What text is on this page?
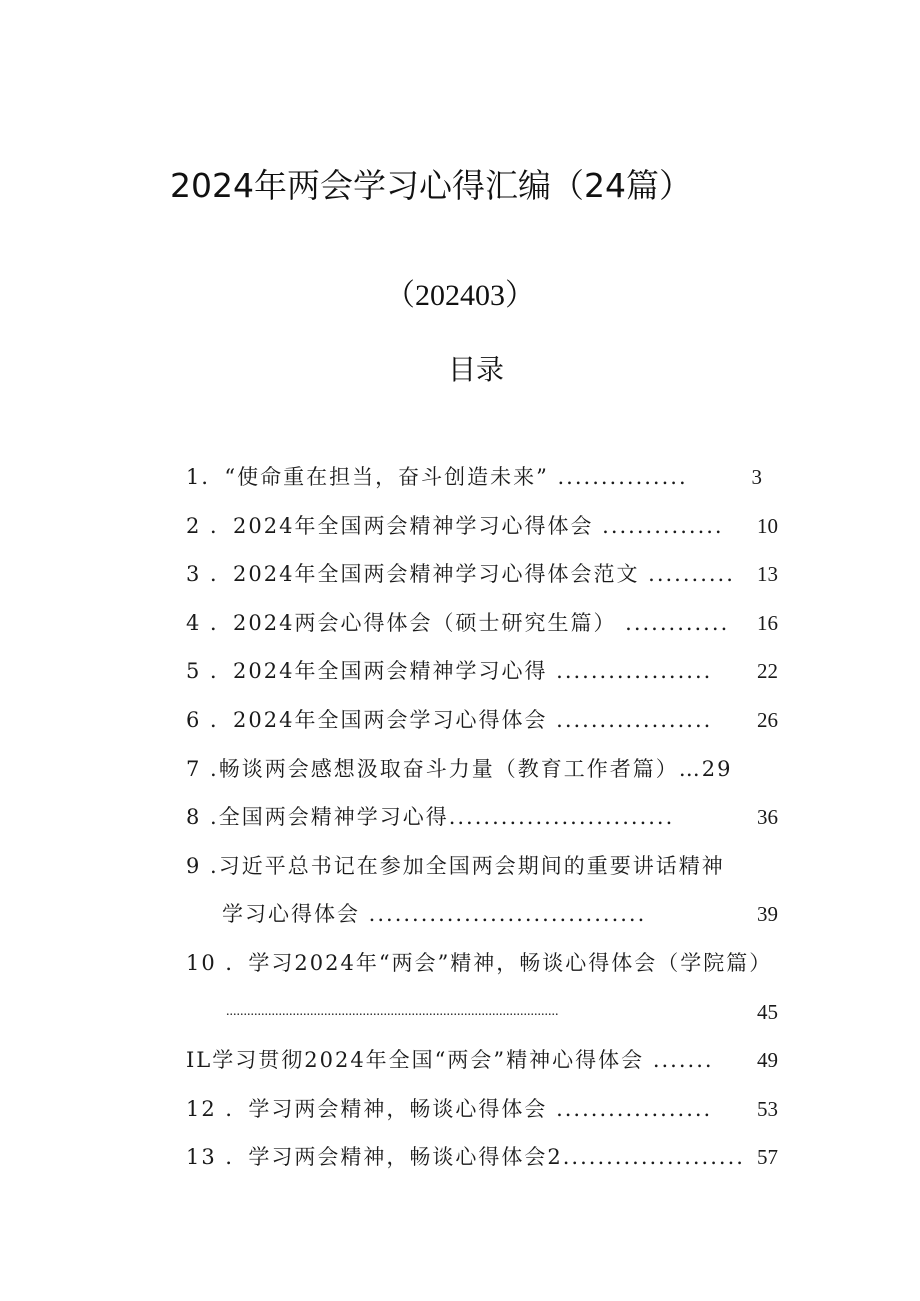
2024年两会学习心得汇编（24篇）
（202403）
目录
1．“使命重在担当，奋斗创造未来” ...............	3
2 ．2024年全国两会精神学习心得体会 .............. 10
3 ．2024年全国两会精神学习心得体会范文 .......... 13
4 ．2024两会心得体会（硕士研究生篇） ............ 16
5 ．2024年全国两会精神学习心得 .................. 22
6 ．2024年全国两会学习心得体会 .................. 26
7 .畅谈两会感想汲取奋斗力量（教育工作者篇）…29
8 .全国两会精神学习心得..........................	36
9 .习近平总书记在参加全国两会期间的重要讲话精神
学习心得体会 ................................	39
10 ．学习2024年“两会”精神，畅谈心得体会（学院篇）
...............................................................................................	45
IL学习贯彻2024年全国“两会”精神心得体会 ....... 49
12 ．学习两会精神，畅谈心得体会 .................. 53
13 ．学习两会精神，畅谈心得体会2..................... 57
